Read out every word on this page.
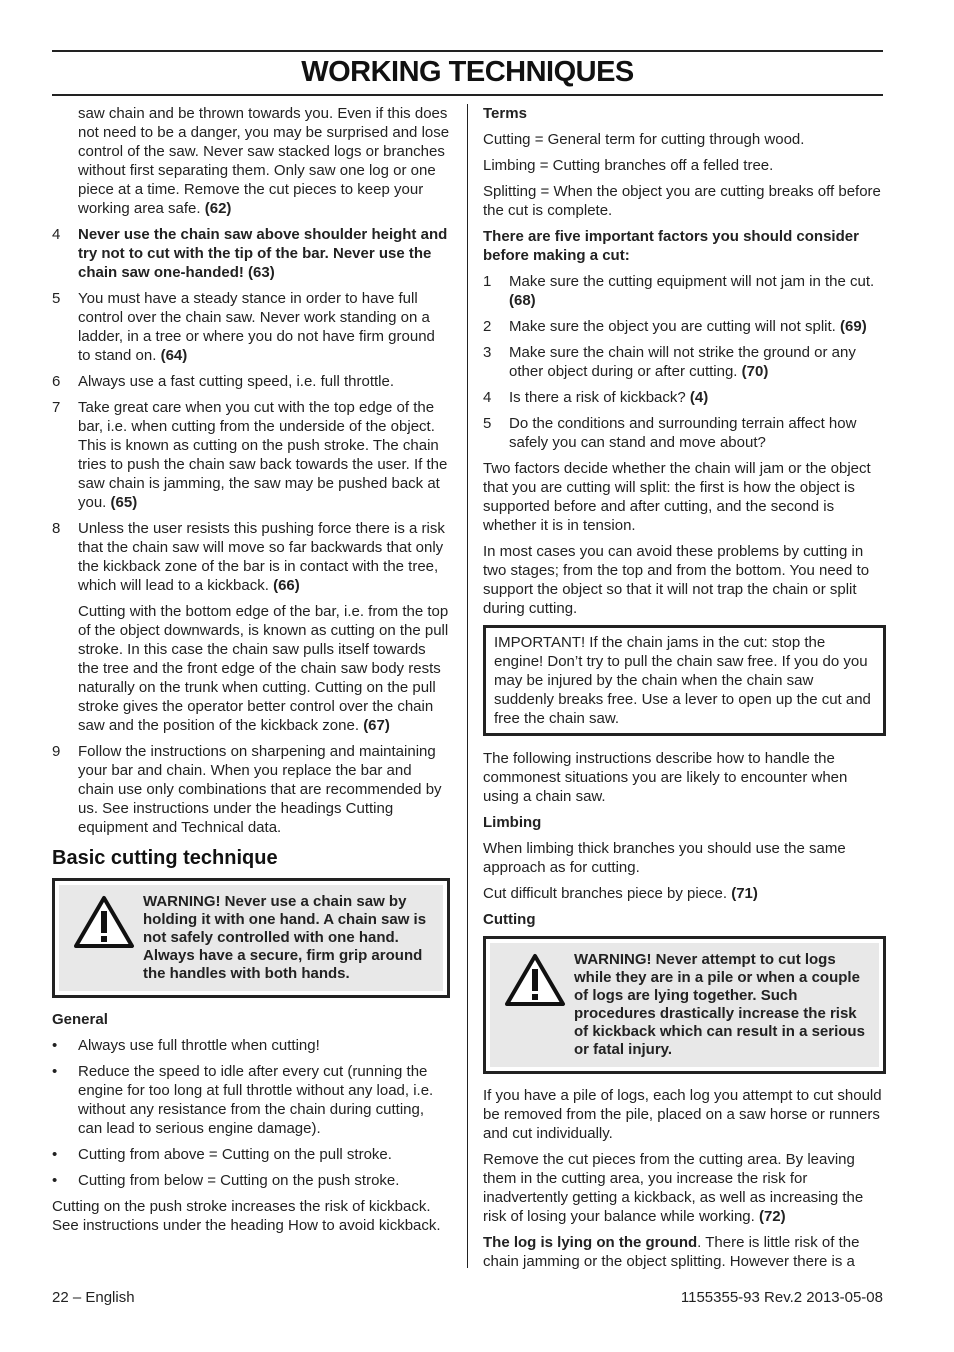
WORKING TECHNIQUES

saw chain and be thrown towards you. Even if this does not need to be a danger, you may be surprised and lose control of the saw. Never saw stacked logs or branches without first separating them. Only saw one log or one piece at a time. Remove the cut pieces to keep your working area safe. (62)

4 Never use the chain saw above shoulder height and try not to cut with the tip of the bar. Never use the chain saw one-handed! (63)
5 You must have a steady stance in order to have full control over the chain saw. Never work standing on a ladder, in a tree or where you do not have firm ground to stand on. (64)
6 Always use a fast cutting speed, i.e. full throttle.
7 Take great care when you cut with the top edge of the bar, i.e. when cutting from the underside of the object. This is known as cutting on the push stroke. The chain tries to push the chain saw back towards the user. If the saw chain is jamming, the saw may be pushed back at you. (65)
8 Unless the user resists this pushing force there is a risk that the chain saw will move so far backwards that only the kickback zone of the bar is in contact with the tree, which will lead to a kickback. (66)

Cutting with the bottom edge of the bar, i.e. from the top of the object downwards, is known as cutting on the pull stroke. In this case the chain saw pulls itself towards the tree and the front edge of the chain saw body rests naturally on the trunk when cutting. Cutting on the pull stroke gives the operator better control over the chain saw and the position of the kickback zone. (67)

9 Follow the instructions on sharpening and maintaining your bar and chain. When you replace the bar and chain use only combinations that are recommended by us. See instructions under the headings Cutting equipment and Technical data.
Basic cutting technique
WARNING! Never use a chain saw by holding it with one hand. A chain saw is not safely controlled with one hand. Always have a secure, firm grip around the handles with both hands.
General
• Always use full throttle when cutting!
• Reduce the speed to idle after every cut (running the engine for too long at full throttle without any load, i.e. without any resistance from the chain during cutting, can lead to serious engine damage).
• Cutting from above = Cutting on the pull stroke.
• Cutting from below = Cutting on the push stroke.

Cutting on the push stroke increases the risk of kickback. See instructions under the heading How to avoid kickback.

Terms

Cutting = General term for cutting through wood.

Limbing = Cutting branches off a felled tree.

Splitting = When the object you are cutting breaks off before the cut is complete.

There are five important factors you should consider before making a cut:
1 Make sure the cutting equipment will not jam in the cut. (68)
2 Make sure the object you are cutting will not split. (69)
3 Make sure the chain will not strike the ground or any other object during or after cutting. (70)
4 Is there a risk of kickback? (4)
5 Do the conditions and surrounding terrain affect how safely you can stand and move about?

Two factors decide whether the chain will jam or the object that you are cutting will split: the first is how the object is supported before and after cutting, and the second is whether it is in tension.

In most cases you can avoid these problems by cutting in two stages; from the top and from the bottom. You need to support the object so that it will not trap the chain or split during cutting.

IMPORTANT! If the chain jams in the cut: stop the engine! Don’t try to pull the chain saw free. If you do you may be injured by the chain when the chain saw suddenly breaks free. Use a lever to open up the cut and free the chain saw.

The following instructions describe how to handle the commonest situations you are likely to encounter when using a chain saw.

Limbing

When limbing thick branches you should use the same approach as for cutting.

Cut difficult branches piece by piece. (71)

Cutting
WARNING! Never attempt to cut logs while they are in a pile or when a couple of logs are lying together. Such procedures drastically increase the risk of kickback which can result in a serious or fatal injury.

If you have a pile of logs, each log you attempt to cut should be removed from the pile, placed on a saw horse or runners and cut individually.

Remove the cut pieces from the cutting area. By leaving them in the cutting area, you increase the risk for inadvertently getting a kickback, as well as increasing the risk of losing your balance while working. (72)

The log is lying on the ground. There is little risk of the chain jamming or the object splitting. However there is a

22 – English	1155355-93 Rev.2 2013-05-08
